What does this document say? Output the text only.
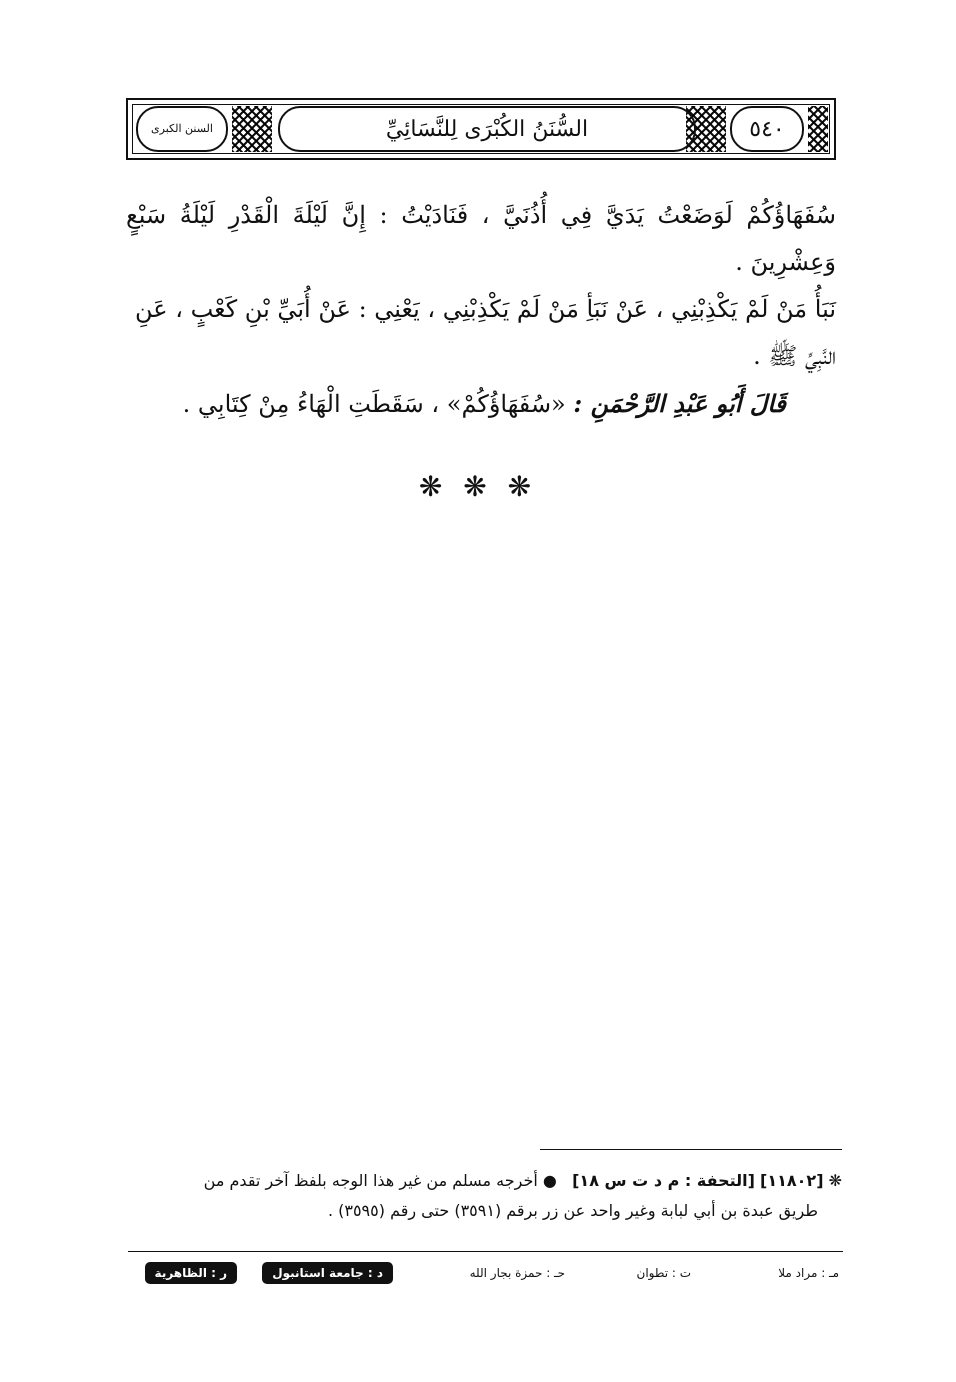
٥٤٠
السُّنَنُ الكُبْرَى لِلنَّسَائِيِّ
السنن الكبرى

سُفَهَاؤُكُمْ لَوَضَعْتُ يَدَيَّ فِي أُذُنَيَّ ، فَنَادَيْتُ : إِنَّ لَيْلَةَ الْقَدْرِ لَيْلَةُ سَبْعٍ وَعِشْرِينَ .

نَبَأُ مَنْ لَمْ يَكْذِبْنِي ، عَنْ نَبَأِ مَنْ لَمْ يَكْذِبْنِي ، يَعْنِي : عَنْ أُبَيِّ بْنِ كَعْبٍ ، عَنِ

النَّبِيِّ ﷺ .

قَالَ أَبُو عَبْدِ الرَّحْمَنِ : «سُفَهَاؤُكُمْ» ، سَقَطَتِ الْهَاءُ مِنْ كِتَابِي .

❋ ❋ ❋

❋ [١١٨٠٢] [التحفة : م د ت س ١٨]   ● أخرجه مسلم من غير هذا الوجه بلفظ آخر تقدم من

طريق عبدة بن أبي لبابة وغير واحد عن زر برقم (٣٥٩١) حتى رقم (٣٥٩٥) .

مـ : مراد ملا
ت : تطوان
حـ : حمزة بجار الله
د : جامعة استانبول
ر : الظاهرية
